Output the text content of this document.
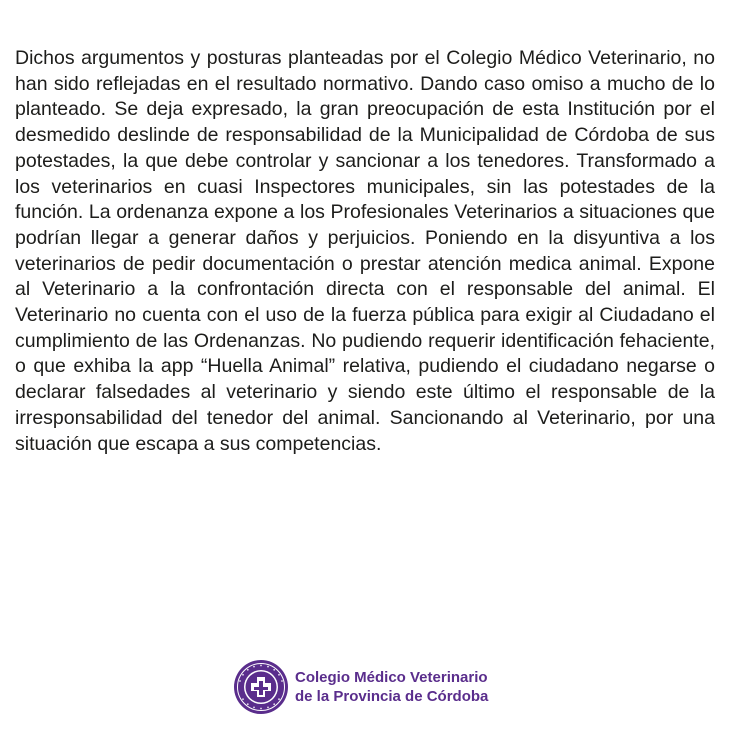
Dichos argumentos y posturas planteadas por el Colegio Médico Veterinario, no han sido reflejadas en el resultado normativo. Dando caso omiso a mucho de lo planteado. Se deja expresado, la gran preocupación de esta Institución por el desmedido deslinde de responsabilidad de la Municipalidad de Córdoba de sus potestades, la que debe controlar y sancionar a los tenedores. Transformado a los veterinarios en cuasi Inspectores municipales, sin las potestades de la función. La ordenanza expone a los Profesionales Veterinarios a situaciones que podrían llegar a generar daños y perjuicios. Poniendo en la disyuntiva a los veterinarios de pedir documentación o prestar atención medica animal. Expone al Veterinario a la confrontación directa con el responsable del animal. El Veterinario no cuenta con el uso de la fuerza pública para exigir al Ciudadano el cumplimiento de las Ordenanzas. No pudiendo requerir identificación fehaciente, o que exhiba la app “Huella Animal” relativa, pudiendo el ciudadano negarse o declarar falsedades al veterinario y siendo este último el responsable de la irresponsabilidad del tenedor del animal. Sancionando al Veterinario, por una situación que escapa a sus competencias.

Colegio Médico Veterinario
de la Provincia de Córdoba
